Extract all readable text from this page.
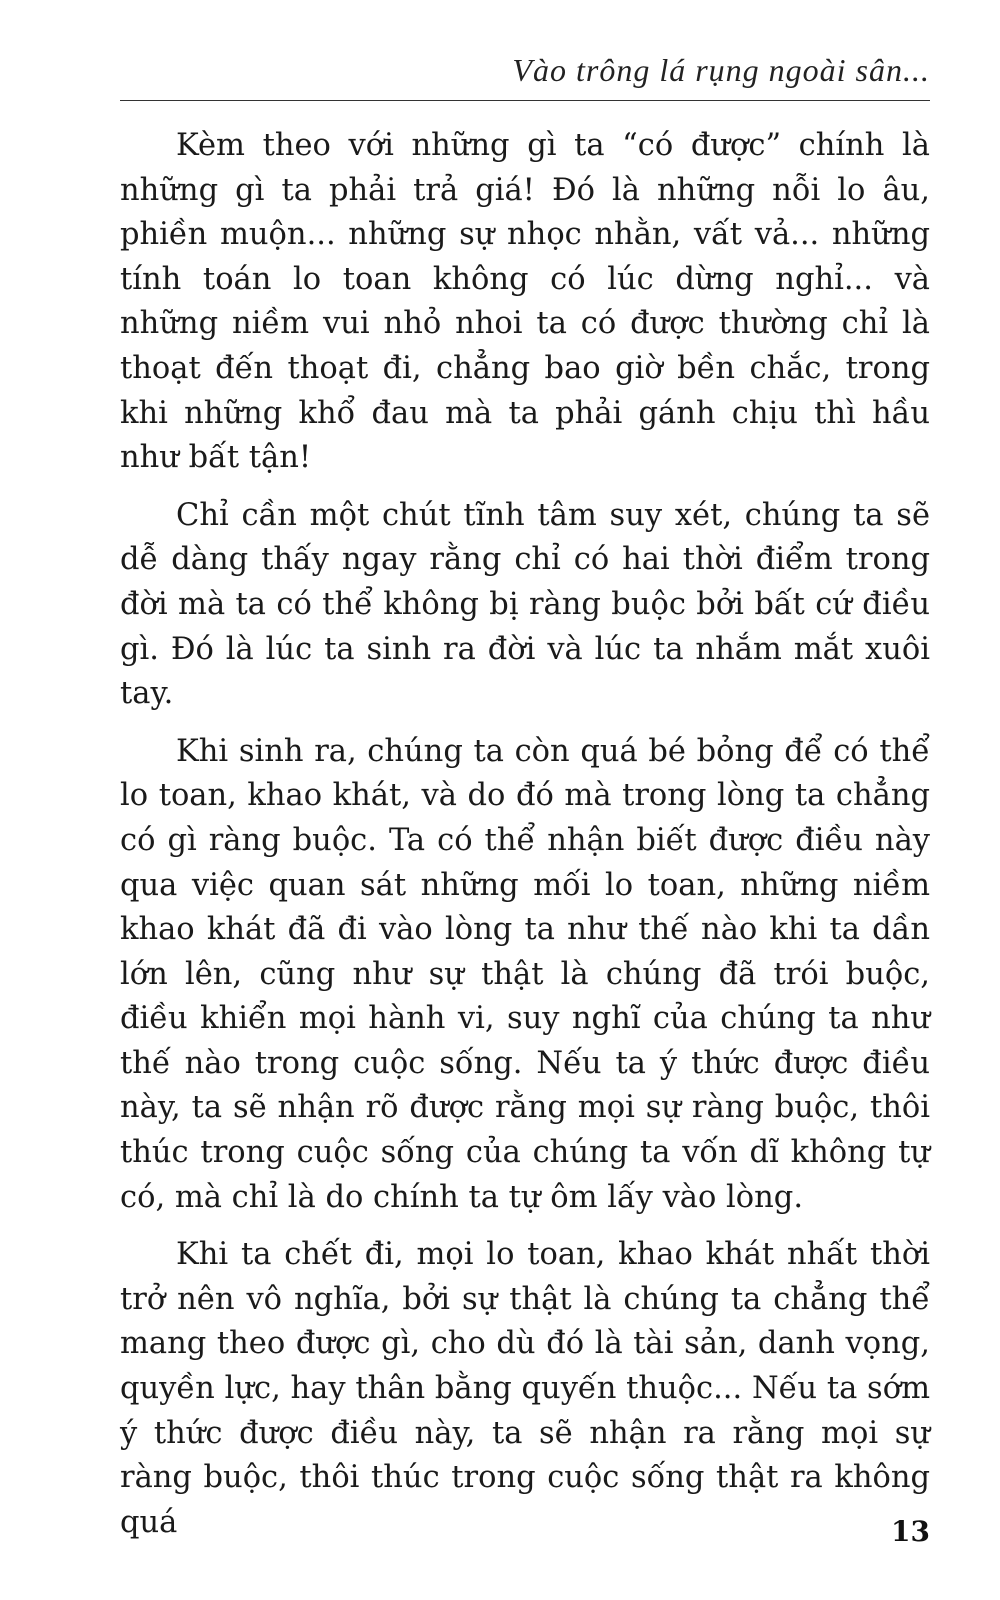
Vào trông lá rụng ngoài sân...

Kèm theo với những gì ta “có được” chính là những gì ta phải trả giá! Đó là những nỗi lo âu, phiền muộn... những sự nhọc nhằn, vất vả... những tính toán lo toan không có lúc dừng nghỉ... và những niềm vui nhỏ nhoi ta có được thường chỉ là thoạt đến thoạt đi, chẳng bao giờ bền chắc, trong khi những khổ đau mà ta phải gánh chịu thì hầu như bất tận!

Chỉ cần một chút tĩnh tâm suy xét, chúng ta sẽ dễ dàng thấy ngay rằng chỉ có hai thời điểm trong đời mà ta có thể không bị ràng buộc bởi bất cứ điều gì. Đó là lúc ta sinh ra đời và lúc ta nhắm mắt xuôi tay.

Khi sinh ra, chúng ta còn quá bé bỏng để có thể lo toan, khao khát, và do đó mà trong lòng ta chẳng có gì ràng buộc. Ta có thể nhận biết được điều này qua việc quan sát những mối lo toan, những niềm khao khát đã đi vào lòng ta như thế nào khi ta dần lớn lên, cũng như sự thật là chúng đã trói buộc, điều khiển mọi hành vi, suy nghĩ của chúng ta như thế nào trong cuộc sống. Nếu ta ý thức được điều này, ta sẽ nhận rõ được rằng mọi sự ràng buộc, thôi thúc trong cuộc sống của chúng ta vốn dĩ không tự có, mà chỉ là do chính ta tự ôm lấy vào lòng.

Khi ta chết đi, mọi lo toan, khao khát nhất thời trở nên vô nghĩa, bởi sự thật là chúng ta chẳng thể mang theo được gì, cho dù đó là tài sản, danh vọng, quyền lực, hay thân bằng quyến thuộc... Nếu ta sớm ý thức được điều này, ta sẽ nhận ra rằng mọi sự ràng buộc, thôi thúc trong cuộc sống thật ra không quá	13
